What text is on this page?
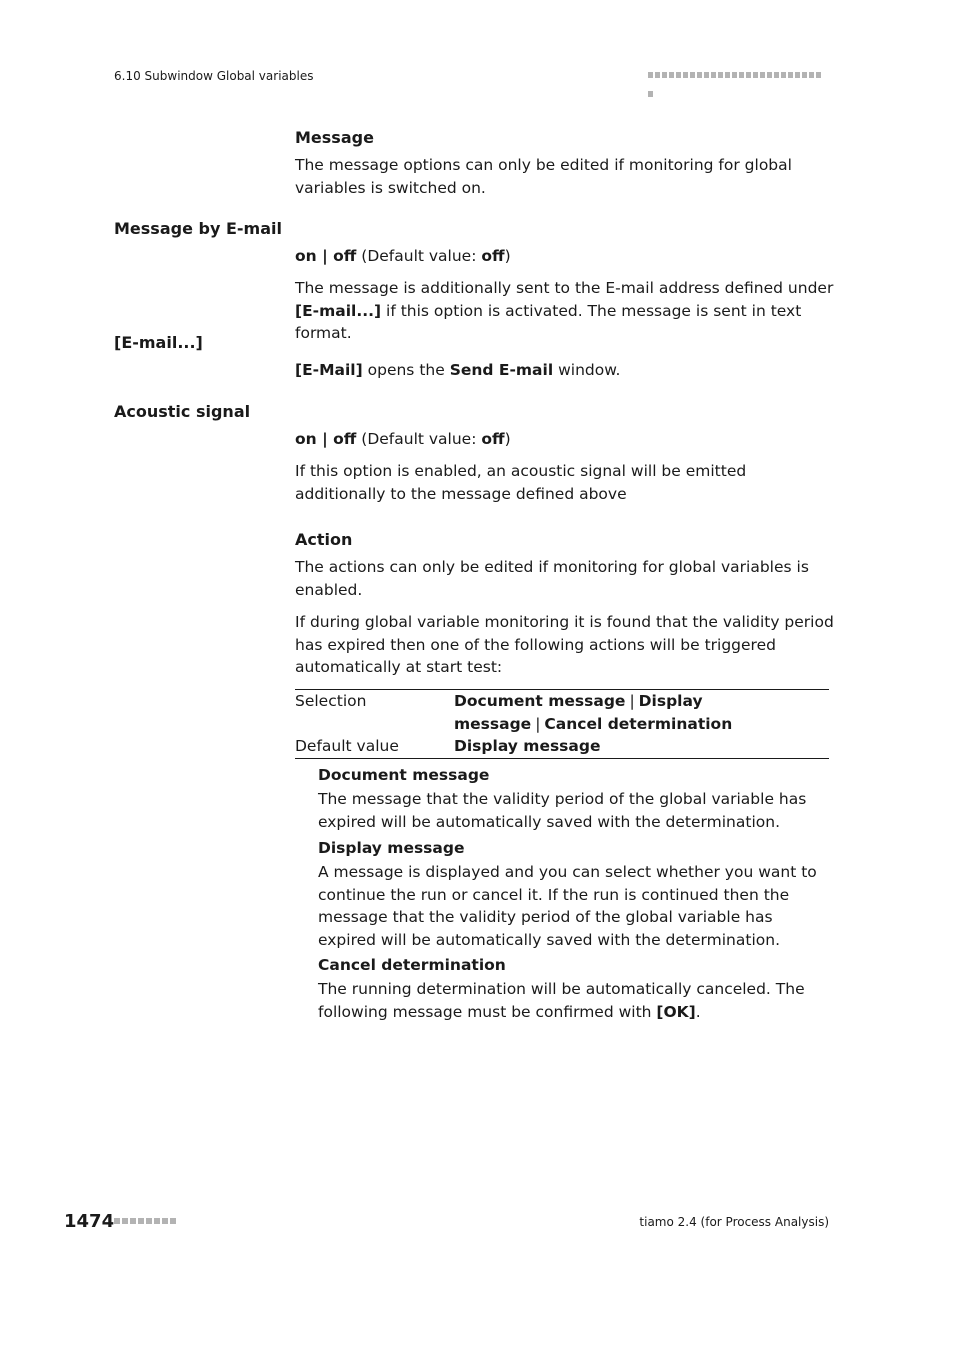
6.10 Subwindow Global variables
Message
The message options can only be edited if monitoring for global variables is switched on.
Message by E-mail
on | off (Default value: off)
The message is additionally sent to the E-mail address defined under [E-mail...] if this option is activated. The message is sent in text format.
[E-mail...]
[E-Mail] opens the Send E-mail window.
Acoustic signal
on | off (Default value: off)
If this option is enabled, an acoustic signal will be emitted additionally to the message defined above
Action
The actions can only be edited if monitoring for global variables is enabled.
If during global variable monitoring it is found that the validity period has expired then one of the following actions will be triggered automatically at start test:
Selection	Document message | Display message | Cancel determination
Default value	Display message
Document message
The message that the validity period of the global variable has expired will be automatically saved with the determination.
Display message
A message is displayed and you can select whether you want to continue the run or cancel it. If the run is continued then the message that the validity period of the global variable has expired will be automatically saved with the determination.
Cancel determination
The running determination will be automatically canceled. The following message must be confirmed with [OK].
1474	tiamo 2.4 (for Process Analysis)
